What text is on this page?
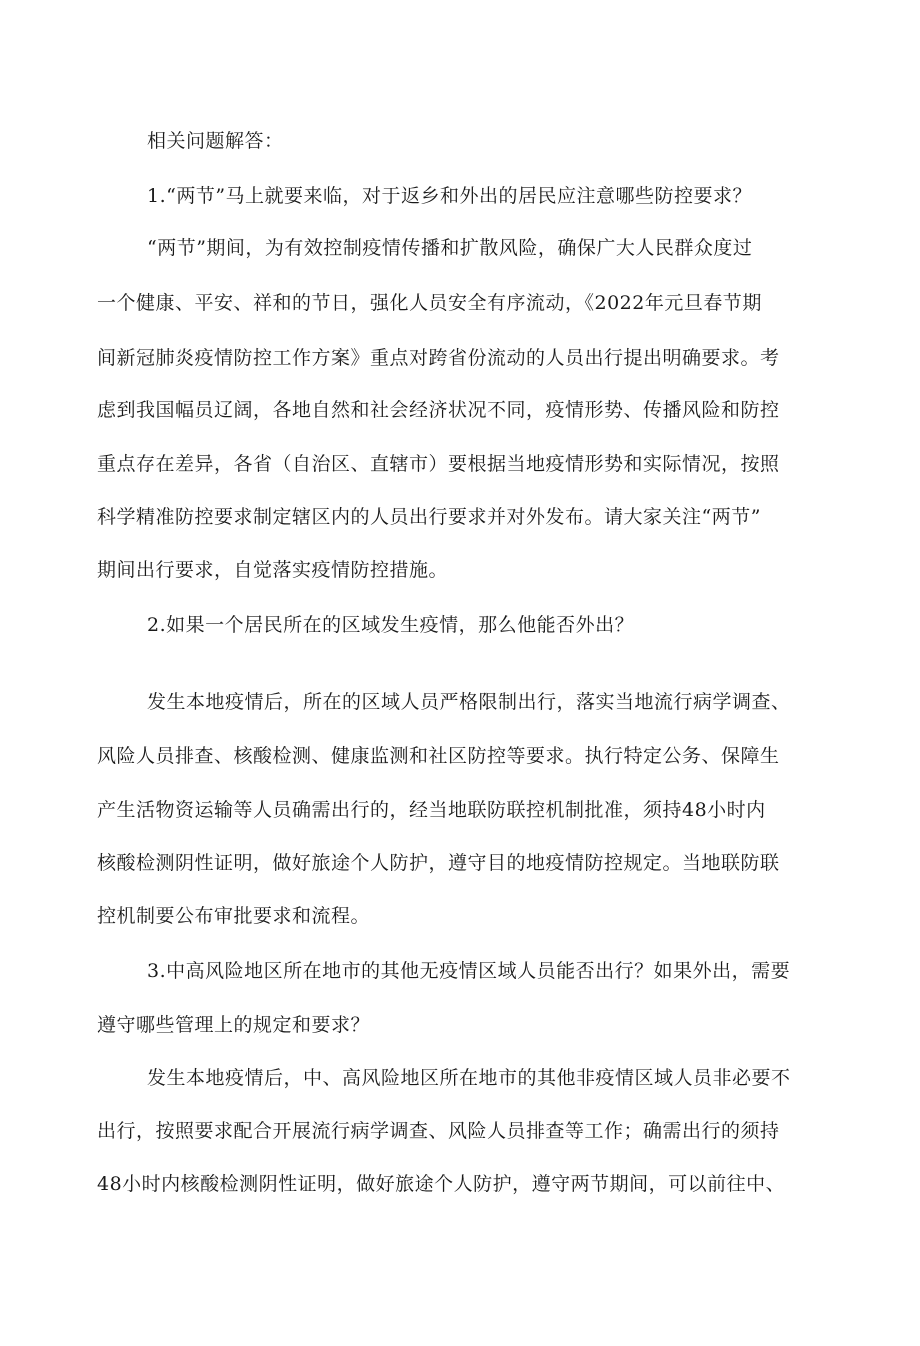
相关问题解答：
1.“两节”马上就要来临，对于返乡和外出的居民应注意哪些防控要求？
“两节”期间，为有效控制疫情传播和扩散风险，确保广大人民群众度过
一个健康、平安、祥和的节日，强化人员安全有序流动，《2022年元旦春节期
间新冠肺炎疫情防控工作方案》重点对跨省份流动的人员出行提出明确要求。考
虑到我国幅员辽阔，各地自然和社会经济状况不同，疫情形势、传播风险和防控
重点存在差异，各省（自治区、直辖市）要根据当地疫情形势和实际情况，按照
科学精准防控要求制定辖区内的人员出行要求并对外发布。请大家关注“两节”
期间出行要求，自觉落实疫情防控措施。
2.如果一个居民所在的区域发生疫情，那么他能否外出？
发生本地疫情后，所在的区域人员严格限制出行，落实当地流行病学调查、
风险人员排查、核酸检测、健康监测和社区防控等要求。执行特定公务、保障生
产生活物资运输等人员确需出行的，经当地联防联控机制批准，须持48小时内
核酸检测阴性证明，做好旅途个人防护，遵守目的地疫情防控规定。当地联防联
控机制要公布审批要求和流程。
3.中高风险地区所在地市的其他无疫情区域人员能否出行？如果外出，需要
遵守哪些管理上的规定和要求？
发生本地疫情后，中、高风险地区所在地市的其他非疫情区域人员非必要不
出行，按照要求配合开展流行病学调查、风险人员排查等工作；确需出行的须持
48小时内核酸检测阴性证明，做好旅途个人防护，遵守两节期间，可以前往中、
